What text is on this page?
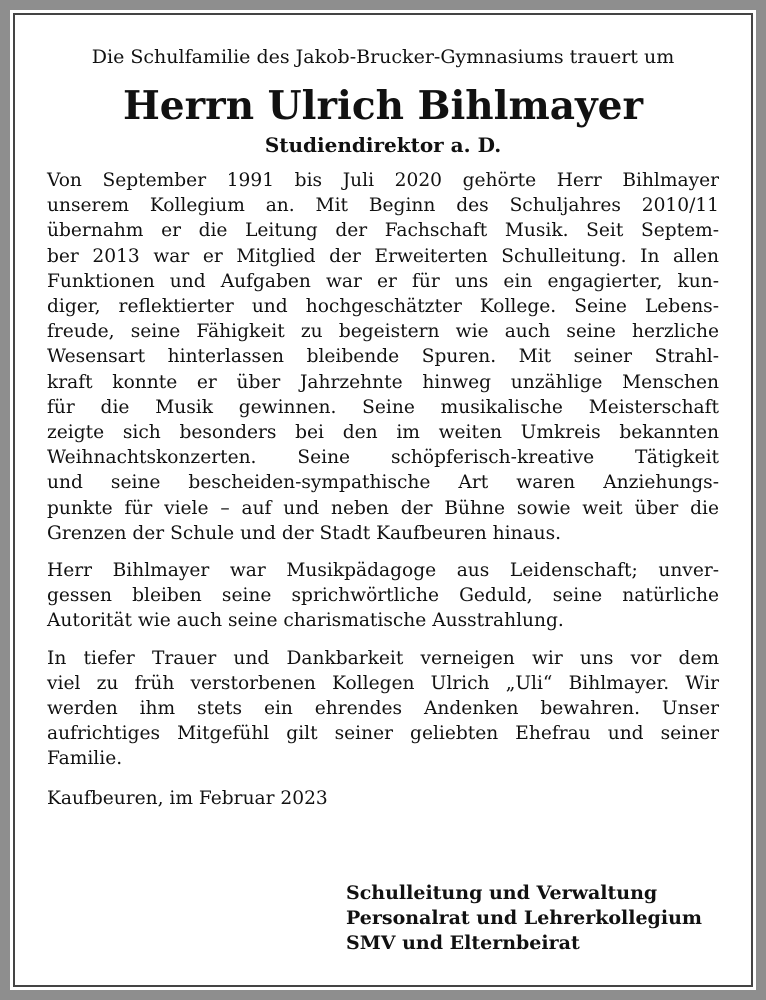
Die Schulfamilie des Jakob-Brucker-Gymnasiums trauert um

Herrn Ulrich Bihlmayer

Studiendirektor a. D.

Von September 1991 bis Juli 2020 gehörte Herr Bihlmayer
unserem Kollegium an. Mit Beginn des Schuljahres 2010/11
übernahm er die Leitung der Fachschaft Musik. Seit Septem-
ber 2013 war er Mitglied der Erweiterten Schulleitung. In allen
Funktionen und Aufgaben war er für uns ein engagierter, kun-
diger, reflektierter und hochgeschätzter Kollege. Seine Lebens-
freude, seine Fähigkeit zu begeistern wie auch seine herzliche
Wesensart hinterlassen bleibende Spuren. Mit seiner Strahl-
kraft konnte er über Jahrzehnte hinweg unzählige Menschen
für die Musik gewinnen. Seine musikalische Meisterschaft
zeigte sich besonders bei den im weiten Umkreis bekannten
Weihnachtskonzerten. Seine schöpferisch-kreative Tätigkeit
und seine bescheiden-sympathische Art waren Anziehungs-
punkte für viele – auf und neben der Bühne sowie weit über die
Grenzen der Schule und der Stadt Kaufbeuren hinaus.
Herr Bihlmayer war Musikpädagoge aus Leidenschaft; unver-
gessen bleiben seine sprichwörtliche Geduld, seine natürliche
Autorität wie auch seine charismatische Ausstrahlung.
In tiefer Trauer und Dankbarkeit verneigen wir uns vor dem
viel zu früh verstorbenen Kollegen Ulrich „Uli“ Bihlmayer. Wir
werden ihm stets ein ehrendes Andenken bewahren. Unser
aufrichtiges Mitgefühl gilt seiner geliebten Ehefrau und seiner
Familie.

Kaufbeuren, im Februar 2023

Schulleitung und Verwaltung
Personalrat und Lehrerkollegium
SMV und Elternbeirat
